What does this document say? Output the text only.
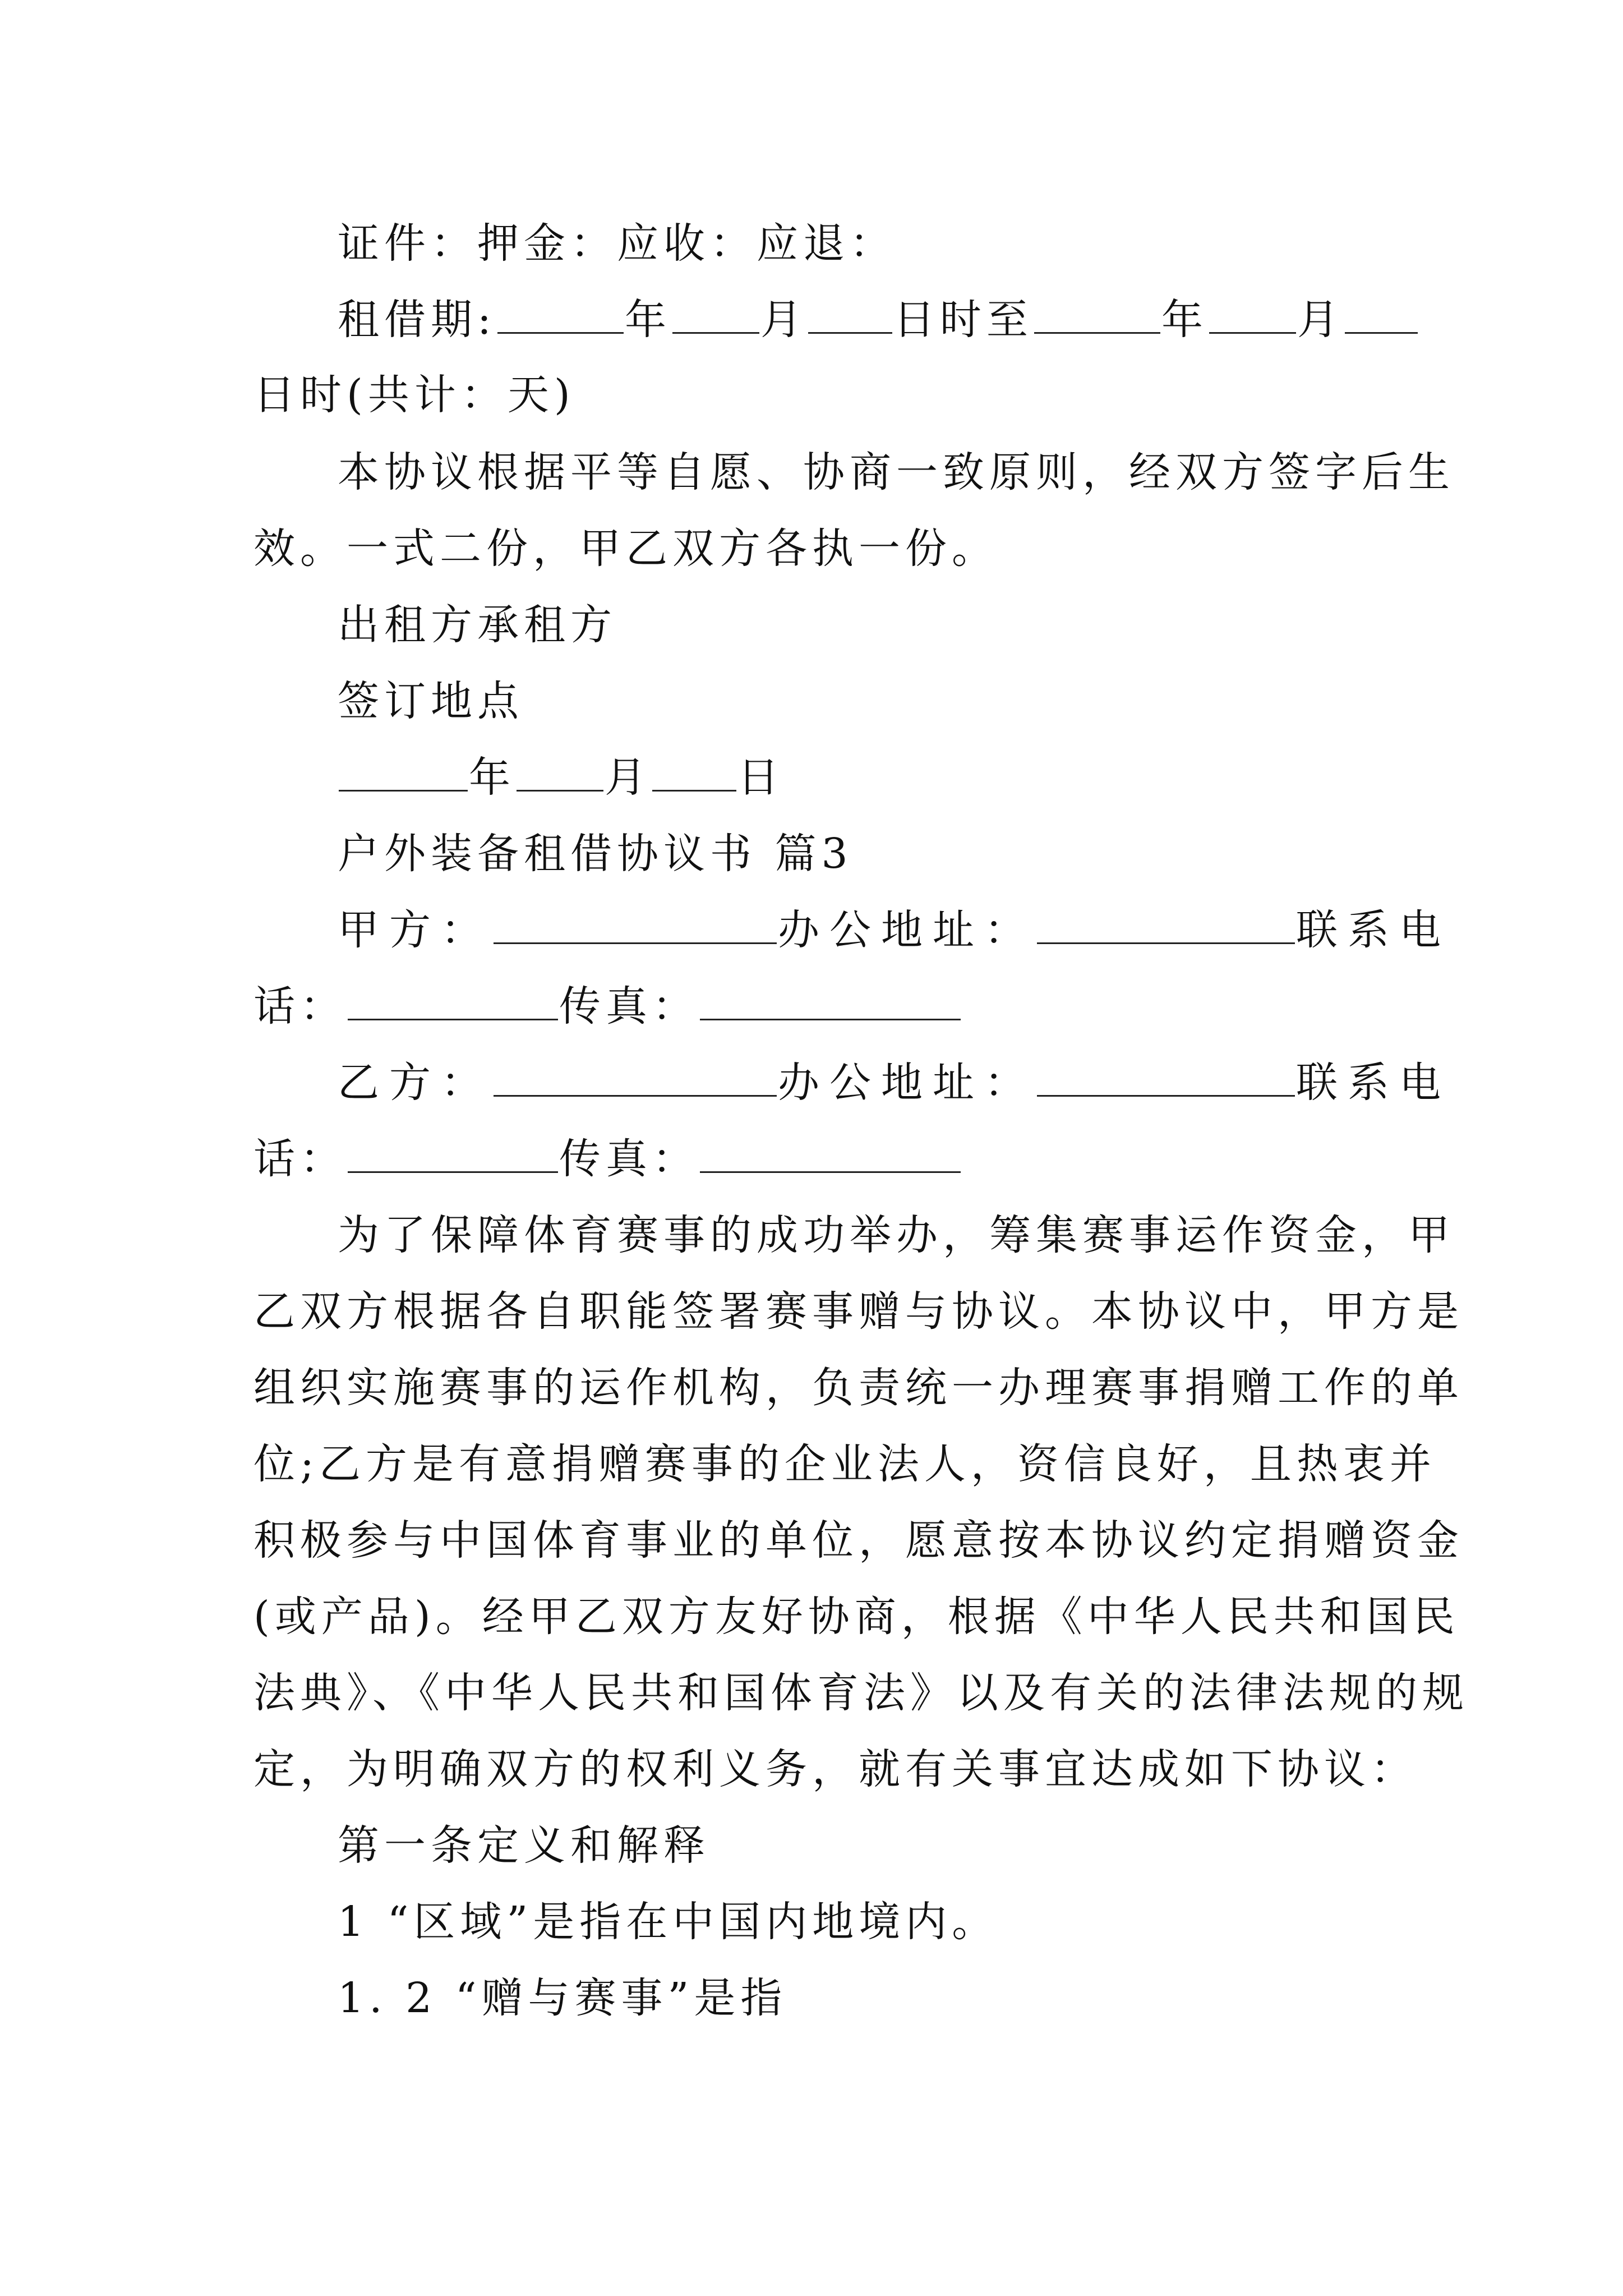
证件：押金：应收：应退：
租借期:	年 月 日时至	年 月
日时(共计：天)
本协议根据平等自愿、协商一致原则，经双方签字后生
效。一式二份，甲乙双方各执一份。
出租方承租方
签订地点
年 月 日
户外装备租借协议书 篇3
甲方：	办公地址：	联系电
话：	传真：
乙方：	办公地址：	联系电
话：	传真：
为了保障体育赛事的成功举办，筹集赛事运作资金，甲
乙双方根据各自职能签署赛事赠与协议。本协议中，甲方是
组织实施赛事的运作机构，负责统一办理赛事捐赠工作的单
位;乙方是有意捐赠赛事的企业法人，资信良好，且热衷并
积极参与中国体育事业的单位，愿意按本协议约定捐赠资金
(或产品)。经甲乙双方友好协商，根据《中华人民共和国民
法典》、《中华人民共和国体育法》以及有关的法律法规的规
定，为明确双方的权利义务，就有关事宜达成如下协议：
第一条定义和解释
1 “区域”是指在中国内地境内。
1. 2 “赠与赛事”是指
